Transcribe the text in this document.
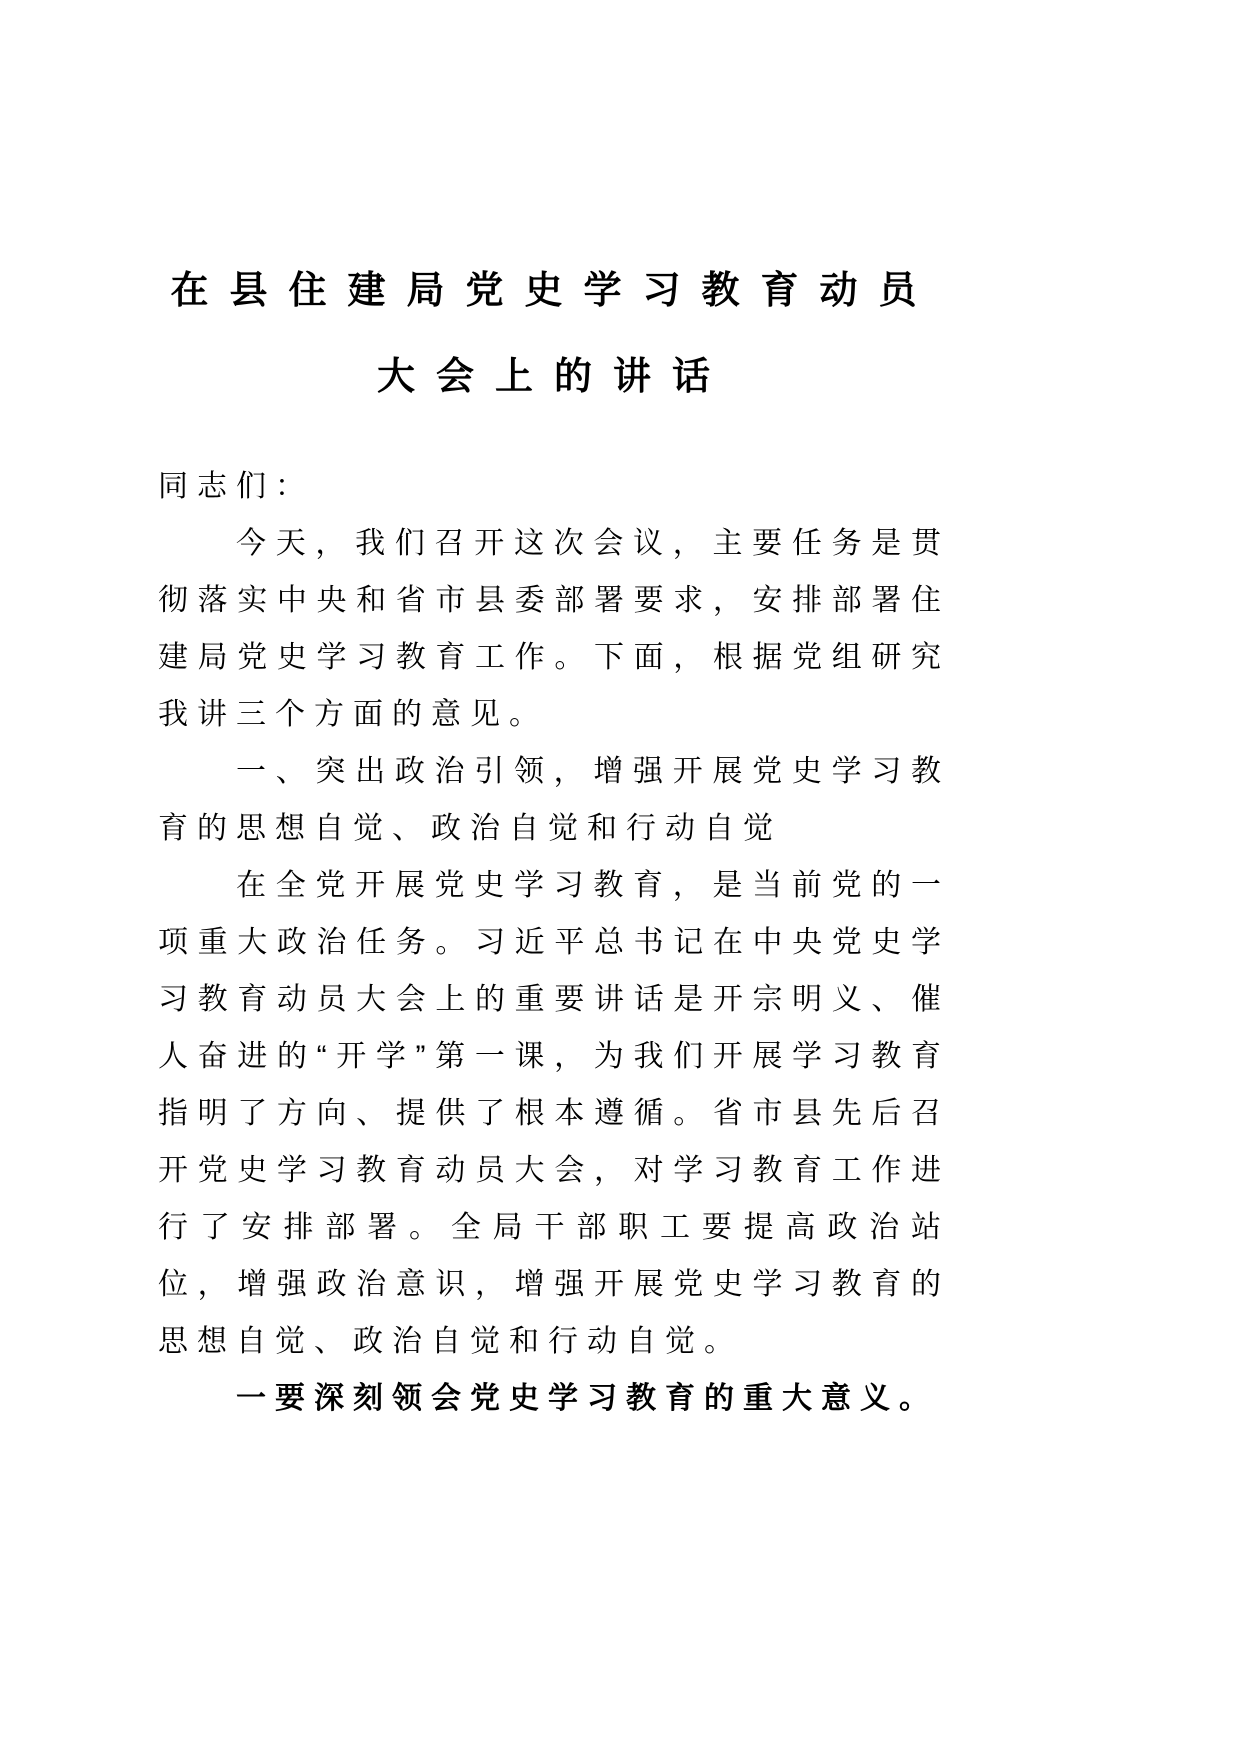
在县住建局党史学习教育动员
大会上的讲话

同志们：

今天，我们召开这次会议，主要任务是贯彻落实中央和省市县委部署要求，安排部署住建局党史学习教育工作。下面，根据党组研究我讲三个方面的意见。

一、突出政治引领，增强开展党史学习教育的思想自觉、政治自觉和行动自觉

在全党开展党史学习教育，是当前党的一项重大政治任务。习近平总书记在中央党史学习教育动员大会上的重要讲话是开宗明义、催人奋进的“开学”第一课，为我们开展学习教育指明了方向、提供了根本遵循。省市县先后召开党史学习教育动员大会，对学习教育工作进行了安排部署。全局干部职工要提高政治站位，增强政治意识，增强开展党史学习教育的思想自觉、政治自觉和行动自觉。

一要深刻领会党史学习教育的重大意义。
